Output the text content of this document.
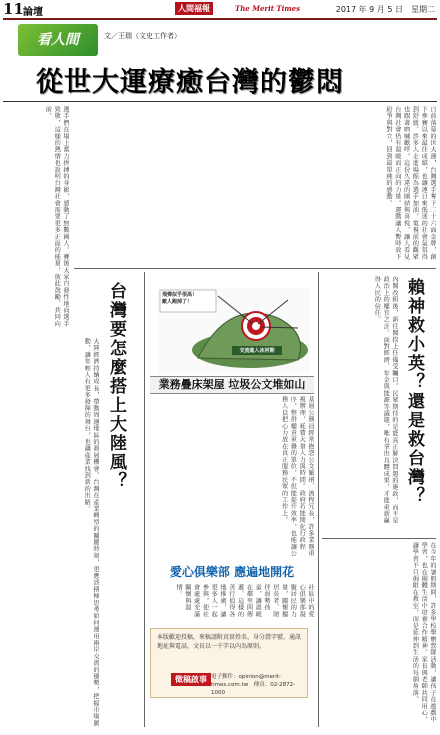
11 論壇	人間福報	The Merit Times	2017 年 9 月 5 日　星期二
看人間	文／王瑞（文史工作者）
從世大運療癒台灣的鬱悶
日前落幕的世大運，台灣選手奪下二十六面金牌，創下參賽以來最佳成績，也讓連日來低迷的社會氣氛得到舒緩。許多人走進場館為選手加油，電視前的觀眾也跟著吶喊歡呼，這份久違的團結與喜悅，讓人看見台灣社會仍有溫暖而正向的力量。運動讓人暫時放下紛爭與對立，回到最單純的感動。
選手們在場上奮力拼搏的身影，感動了無數國人。賽後大家自發性地向選手致敬，這樣的熱情也說明台灣社會需要更多正面的能量，彼此鼓勵、共同向前。
台灣要怎麼搭上大陸風？
大陸經濟持續成長，帶動周邊地區的發展機會。台灣在產業轉型的關鍵時刻，更應該積極思考如何運用兩岸交流的優勢，把握市場脈動，讓年輕人有更多發揮的舞台，也讓產業找到新的出路。
飛彈似乎很高！
敵人跑掉了！
交流進入冰河期
業務疊床架屋 垃圾公文堆如山
基層公務員經常抱怨公文繁瑣、流程冗長，許多業務重複辦理，耗費大量人力與時間。政府若能簡化行政程序，整併權責重疊的單位，不但能提升效率，也能讓公務人員把心力放在真正服務民眾的工作上。
愛心俱樂部 應遍地開花
社區中的愛心俱樂部凝聚居民的力量，關懷獨居長者、陪伴弱勢孩童，讓溫暖在鄰里間傳遞。這樣的善行值得各地推廣，讓更多人一起參與，使社會處處充滿關懷與溫情。
本版歡迎投稿，來稿請附真實姓名、身分證字號、通訊地址與電話，文長以一千字以內為原則。
徵稿啟事 電子郵件：opinion@merit-times.com.tw　傳真：02-2872-1000
賴神救小英？還是救台灣？
內閣改組後，新任閣揆上任備受矚目。民眾期待的是能真正解決問題的施政，而不是政治上的權宜之計。面對經濟、年金與能源等議題，唯有拿出具體成果，才能重新贏得人民的信任。
在今年的暑假期間，許多學校舉辦營隊活動，讓孩子在遊戲中學習，也在團體生活中培養合作精神。家長與老師共同用心，讓學習不只侷限在教室，而是延伸到生活的每個角落。
